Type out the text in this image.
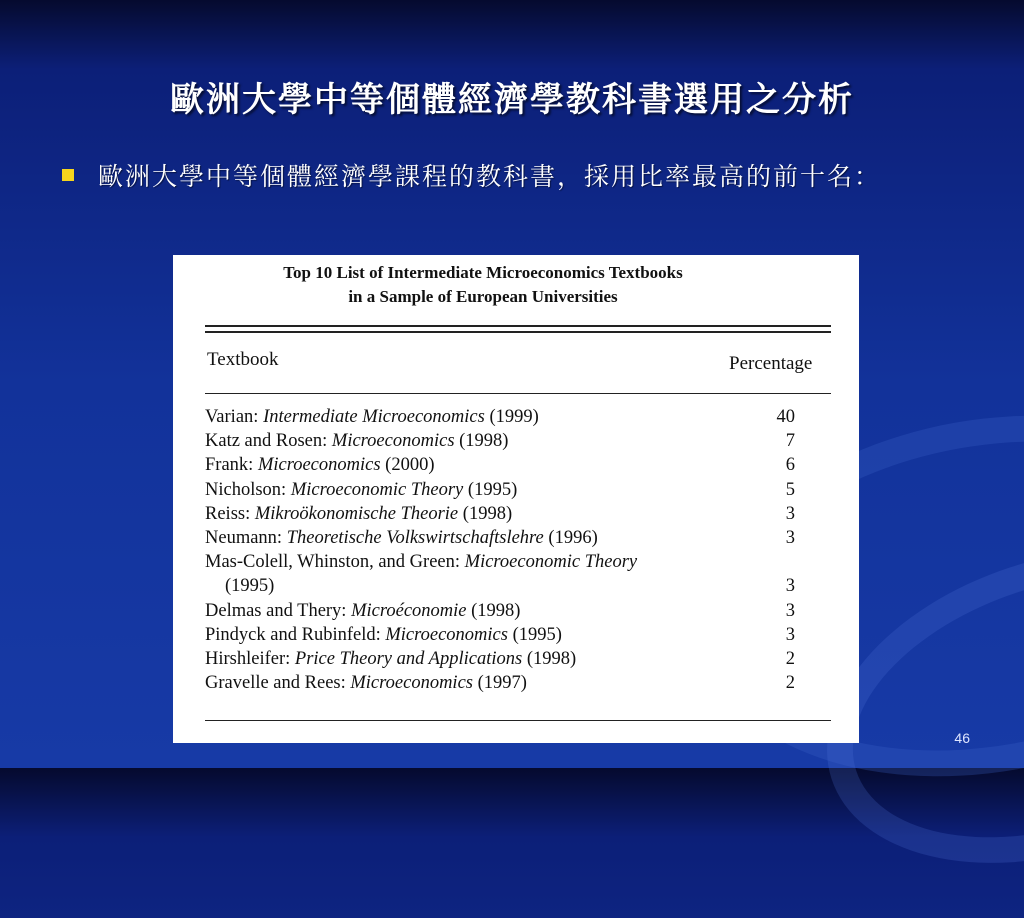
歐洲大學中等個體經濟學教科書選用之分析
歐洲大學中等個體經濟學課程的教科書，採用比率最高的前十名：
Top 10 List of Intermediate Microeconomics Textbooks
in a Sample of European Universities
Textbook	Percentage
Varian: Intermediate Microeconomics (1999)	40
Katz and Rosen: Microeconomics (1998)	7
Frank: Microeconomics (2000)	6
Nicholson: Microeconomic Theory (1995)	5
Reiss: Mikroökonomische Theorie (1998)	3
Neumann: Theoretische Volkswirtschaftslehre (1996)	3
Mas-Colell, Whinston, and Green: Microeconomic Theory
(1995)	3
Delmas and Thery: Microéconomie (1998)	3
Pindyck and Rubinfeld: Microeconomics (1995)	3
Hirshleifer: Price Theory and Applications (1998)	2
Gravelle and Rees: Microeconomics (1997)	2
46
